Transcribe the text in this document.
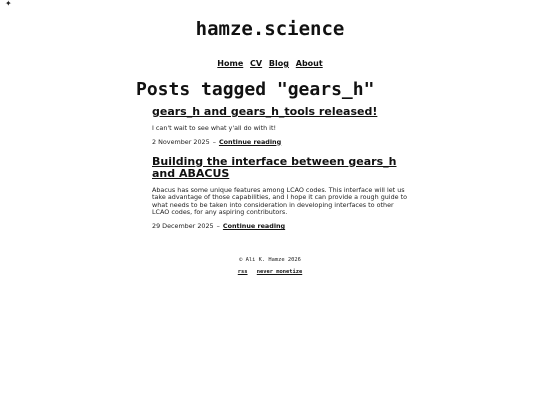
✦
hamze.science
Home CV Blog About
Posts tagged "gears_h"
gears_h and gears_h_tools released!

I can't wait to see what y'all do with it!

2 November 2025 – Continue reading
Building the interface between gears_h and ABACUS

Abacus has some unique features among LCAO codes. This interface will let us take advantage of those capabilities, and I hope it can provide a rough guide to what needs to be taken into consideration in developing interfaces to other LCAO codes, for any aspiring contributors.

29 December 2025 – Continue reading
© Ali K. Hamze 2026
rss never monetize
